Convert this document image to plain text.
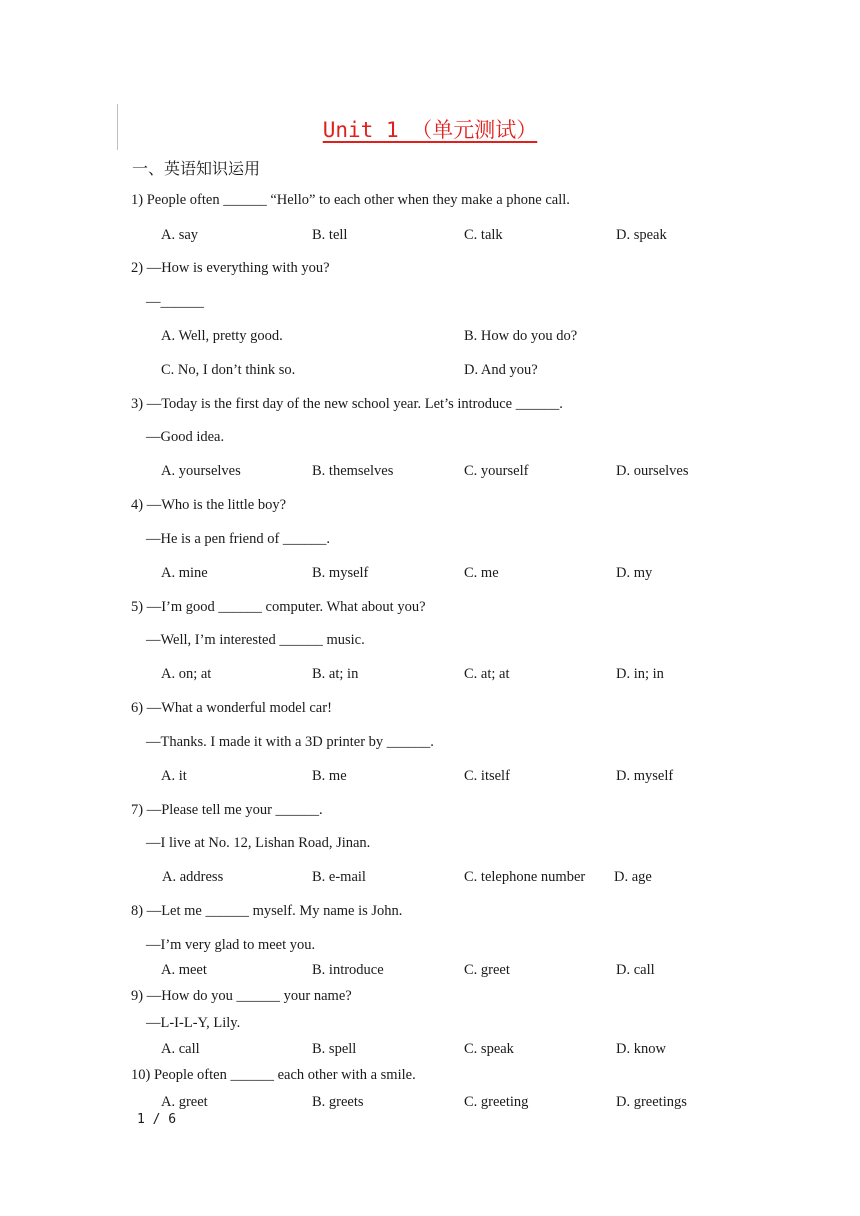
Unit 1 （单元测试）
一、英语知识运用
1) People often ______ “Hello” to each other when they make a phone call.
A. say	B. tell	C. talk	D. speak
2) —How is everything with you?
—______
A. Well, pretty good.	B. How do you do?
C. No, I don’t think so.	D. And you?
3) —Today is the first day of the new school year. Let’s introduce ______.
—Good idea.
A. yourselves	B. themselves	C. yourself	D. ourselves
4) —Who is the little boy?
—He is a pen friend of ______.
A. mine	B. myself	C. me	D. my
5) —I’m good ______ computer. What about you?
—Well, I’m interested ______ music.
A. on; at	B. at; in	C. at; at	D. in; in
6) —What a wonderful model car!
—Thanks. I made it with a 3D printer by ______.
A. it	B. me	C. itself	D. myself
7) —Please tell me your ______.
—I live at No. 12, Lishan Road, Jinan.
A. address	B. e-mail	C. telephone number D. age
8) —Let me ______ myself. My name is John.
—I’m very glad to meet you.
A. meet	B. introduce	C. greet	D. call
9) —How do you ______ your name?
—L-I-L-Y, Lily.
A. call	B. spell	C. speak	D. know
10) People often ______ each other with a smile.
A. greet	B. greets	C. greeting	D. greetings
1 / 6
